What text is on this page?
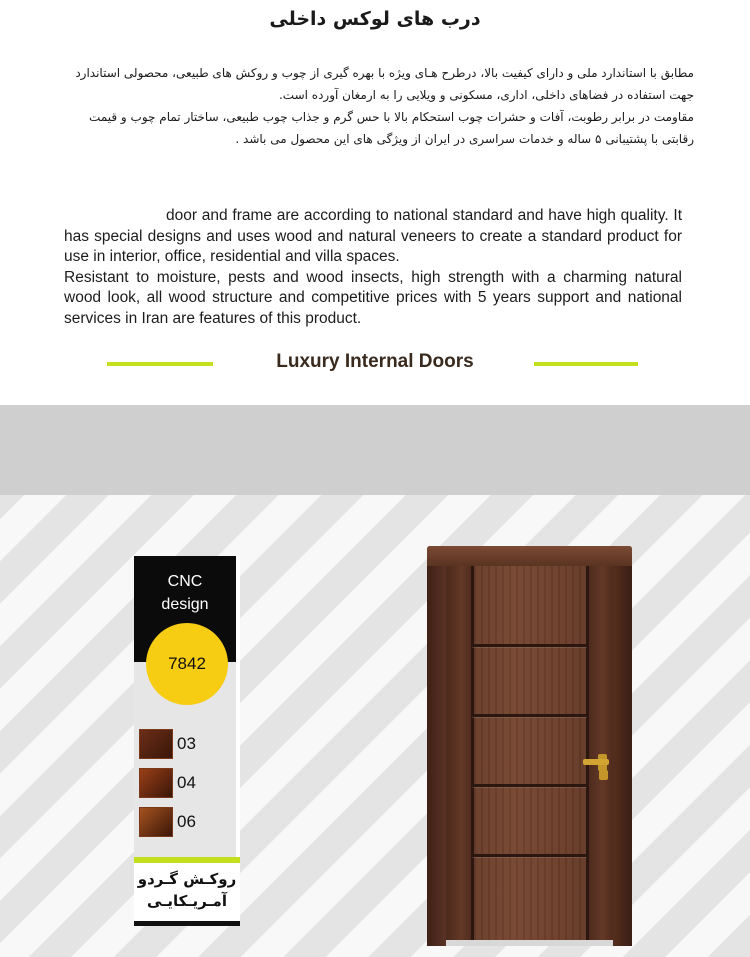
درب های لوکس داخلی

مطابق با استاندارد ملی و دارای کیفیت بالا، درطرح هـای ویژه با بهره گیری از چوب و روکش های طبیعی، محصولی استاندارد جهت استفاده در فضاهای داخلی، اداری، مسکونی و ویلایی را به ارمغان آورده است.

مقاومت در برابر رطوبت، آفات و حشرات چوب استحکام بالا با حس گرم و جذاب چوب طبیعی، ساختار تمام چوب و قیمت رقابتی با پشتیبانی ۵ ساله و خدمات سراسری در ایران از ویژگی های این محصول می باشد .

door and frame are according to national standard and have high quality. It has special designs and uses wood and natural veneers to create a standard product for use in interior, office, residential and villa spaces.

Resistant to moisture, pests and wood insects, high strength with a charming natural wood look, all wood structure and competitive prices with 5 years support and national services in Iran are features of this product.

Luxury Internal Doors
CNC
design
7842
03
04
06
روکـش گـردو
آمـریـکایـی
